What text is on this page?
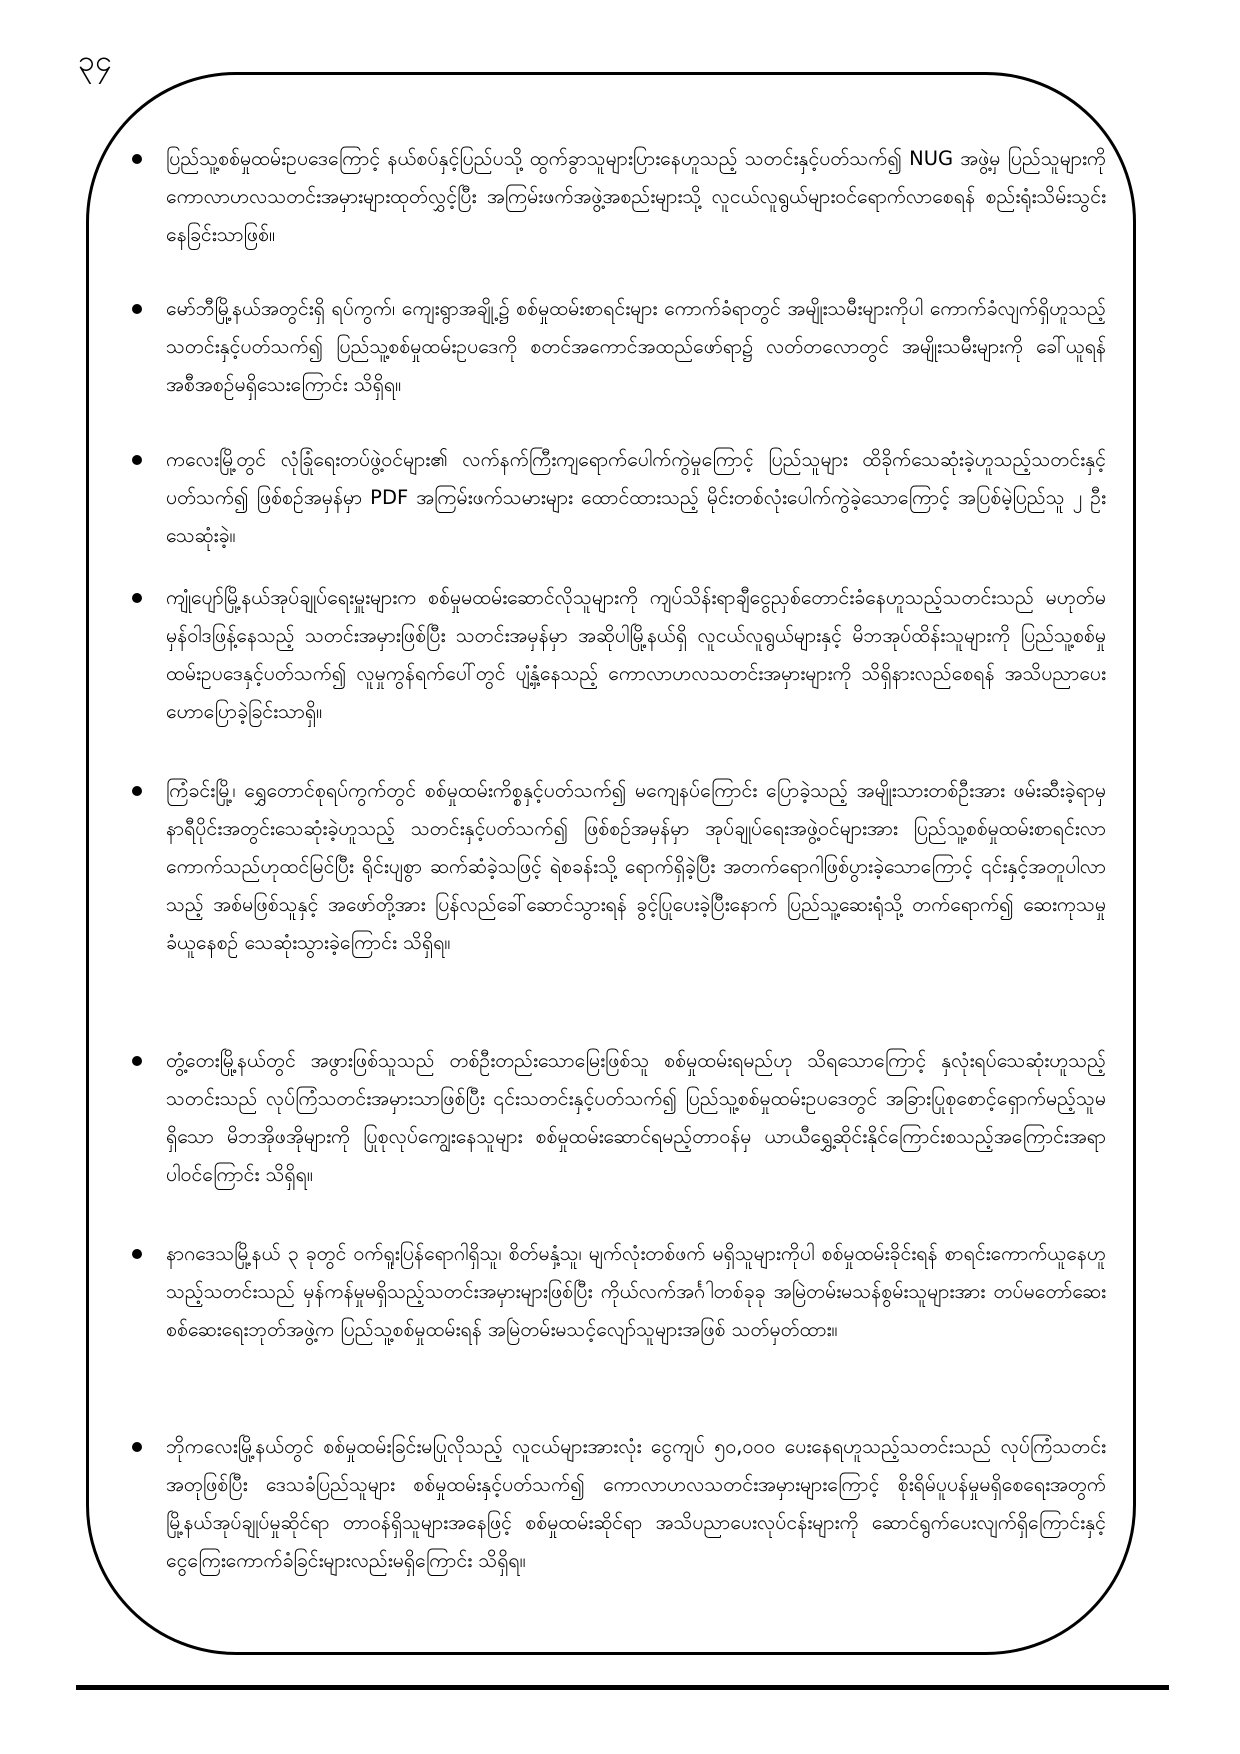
၃၄
ပြည်သူ့စစ်မှုထမ်းဥပဒေကြောင့် နယ်စပ်နှင့်ပြည်ပသို့ ထွက်ခွာသူများပြားနေဟူသည့် သတင်းနှင့်ပတ်သက်၍ NUG အဖွဲ့မှ ပြည်သူများကို ကောလာဟလသတင်းအမှားများထုတ်လွှင့်ပြီး အကြမ်းဖက်အဖွဲ့အစည်းများသို့ လူငယ်လူရွယ်များဝင်ရောက်လာစေရန် စည်းရုံးသိမ်းသွင်းနေခြင်းသာဖြစ်။
မော်ဘီမြို့နယ်အတွင်းရှိ ရပ်ကွက်၊ ကျေးရွာအချို့၌ စစ်မှုထမ်းစာရင်းများ ကောက်ခံရာတွင် အမျိုးသမီးများကိုပါ ကောက်ခံလျက်ရှိဟူသည့်သတင်းနှင့်ပတ်သက်၍ ပြည်သူ့စစ်မှုထမ်းဥပဒေကို စတင်အကောင်အထည်ဖော်ရာ၌ လတ်တလောတွင် အမျိုးသမီးများကို ခေါ်ယူရန်အစီအစဉ်မရှိသေးကြောင်း သိရှိရ။
ကလေးမြို့တွင် လုံခြုံရေးတပ်ဖွဲ့ဝင်များ၏ လက်နက်ကြီးကျရောက်ပေါက်ကွဲမှုကြောင့် ပြည်သူများ ထိခိုက်သေဆုံးခဲ့ဟူသည့်သတင်းနှင့်ပတ်သက်၍ ဖြစ်စဉ်အမှန်မှာ PDF အကြမ်းဖက်သမားများ ထောင်ထားသည့် မိုင်းတစ်လုံးပေါက်ကွဲခဲ့သောကြောင့် အပြစ်မဲ့ပြည်သူ ၂ ဦးသေဆုံးခဲ့။
ကျုံပျော်မြို့နယ်အုပ်ချုပ်ရေးမှူးများက စစ်မှုမထမ်းဆောင်လိုသူများကို ကျပ်သိန်းရာချီငွေညှစ်တောင်းခံနေဟူသည့်သတင်းသည် မဟုတ်မမှန်ဝါဒဖြန့်နေသည့် သတင်းအမှားဖြစ်ပြီး သတင်းအမှန်မှာ အဆိုပါမြို့နယ်ရှိ လူငယ်လူရွယ်များနှင့် မိဘအုပ်ထိန်းသူများကို ပြည်သူ့စစ်မှုထမ်းဥပဒေနှင့်ပတ်သက်၍ လူမှုကွန်ရက်ပေါ်တွင် ပျံ့နှံ့နေသည့် ကောလာဟလသတင်းအမှားများကို သိရှိနားလည်စေရန် အသိပညာပေး ဟောပြောခဲ့ခြင်းသာရှိ။
ကြံခင်းမြို့၊ ရွှေတောင်စုရပ်ကွက်တွင် စစ်မှုထမ်းကိစ္စနှင့်ပတ်သက်၍ မကျေနပ်ကြောင်း ပြောခဲ့သည့် အမျိုးသားတစ်ဦးအား ဖမ်းဆီးခဲ့ရာမှ နာရီပိုင်းအတွင်းသေဆုံးခဲ့ဟူသည့် သတင်းနှင့်ပတ်သက်၍ ဖြစ်စဉ်အမှန်မှာ အုပ်ချုပ်ရေးအဖွဲ့ဝင်များအား ပြည်သူ့စစ်မှုထမ်းစာရင်းလာကောက်သည်ဟုထင်မြင်ပြီး ရိုင်းပျစွာ ဆက်ဆံခဲ့သဖြင့် ရဲစခန်းသို့ ရောက်ရှိခဲ့ပြီး အတက်ရောဂါဖြစ်ပွားခဲ့သောကြောင့် ၎င်းနှင့်အတူပါလာသည့် အစ်မဖြစ်သူနှင့် အဖော်တို့အား ပြန်လည်ခေါ်ဆောင်သွားရန် ခွင့်ပြုပေးခဲ့ပြီးနောက် ပြည်သူ့ဆေးရုံသို့ တက်ရောက်၍ ဆေးကုသမှုခံယူနေစဉ် သေဆုံးသွားခဲ့ကြောင်း သိရှိရ။
တွံ့တေးမြို့နယ်တွင် အဖွားဖြစ်သူသည် တစ်ဦးတည်းသောမြေးဖြစ်သူ စစ်မှုထမ်းရမည်ဟု သိရသောကြောင့် နှလုံးရပ်သေဆုံးဟူသည့်သတင်းသည် လုပ်ကြံသတင်းအမှားသာဖြစ်ပြီး ၎င်းသတင်းနှင့်ပတ်သက်၍ ပြည်သူ့စစ်မှုထမ်းဥပဒေတွင် အခြားပြုစုစောင့်ရှောက်မည့်သူမရှိသော မိဘအိုဖအိုများကို ပြုစုလုပ်ကျွေးနေသူများ စစ်မှုထမ်းဆောင်ရမည့်တာဝန်မှ ယာယီရွှေ့ဆိုင်းနိုင်ကြောင်းစသည့်အကြောင်းအရာ ပါဝင်ကြောင်း သိရှိရ။
နာဂဒေသမြို့နယ် ၃ ခုတွင် ဝက်ရူးပြန်ရောဂါရှိသူ၊ စိတ်မနှံ့သူ၊ မျက်လုံးတစ်ဖက် မရှိသူများကိုပါ စစ်မှုထမ်းခိုင်းရန် စာရင်းကောက်ယူနေဟူသည့်သတင်းသည် မှန်ကန်မှုမရှိသည့်သတင်းအမှားများဖြစ်ပြီး ကိုယ်လက်အင်္ဂါတစ်ခုခု အမြဲတမ်းမသန်စွမ်းသူများအား တပ်မတော်ဆေးစစ်ဆေးရေးဘုတ်အဖွဲ့က ပြည်သူ့စစ်မှုထမ်းရန် အမြဲတမ်းမသင့်လျော်သူများအဖြစ် သတ်မှတ်ထား။
ဘိုကလေးမြို့နယ်တွင် စစ်မှုထမ်းခြင်းမပြုလိုသည့် လူငယ်များအားလုံး ငွေကျပ် ၅၀,၀၀၀ ပေးနေရဟူသည့်သတင်းသည် လုပ်ကြံသတင်းအတုဖြစ်ပြီး ဒေသခံပြည်သူများ စစ်မှုထမ်းနှင့်ပတ်သက်၍ ကောလာဟလသတင်းအမှားများကြောင့် စိုးရိမ်ပူပန်မှုမရှိစေရေးအတွက် မြို့နယ်အုပ်ချုပ်မှုဆိုင်ရာ တာဝန်ရှိသူများအနေဖြင့် စစ်မှုထမ်းဆိုင်ရာ အသိပညာပေးလုပ်ငန်းများကို ဆောင်ရွက်ပေးလျက်ရှိကြောင်းနှင့် ငွေကြေးကောက်ခံခြင်းများလည်းမရှိကြောင်း သိရှိရ။
